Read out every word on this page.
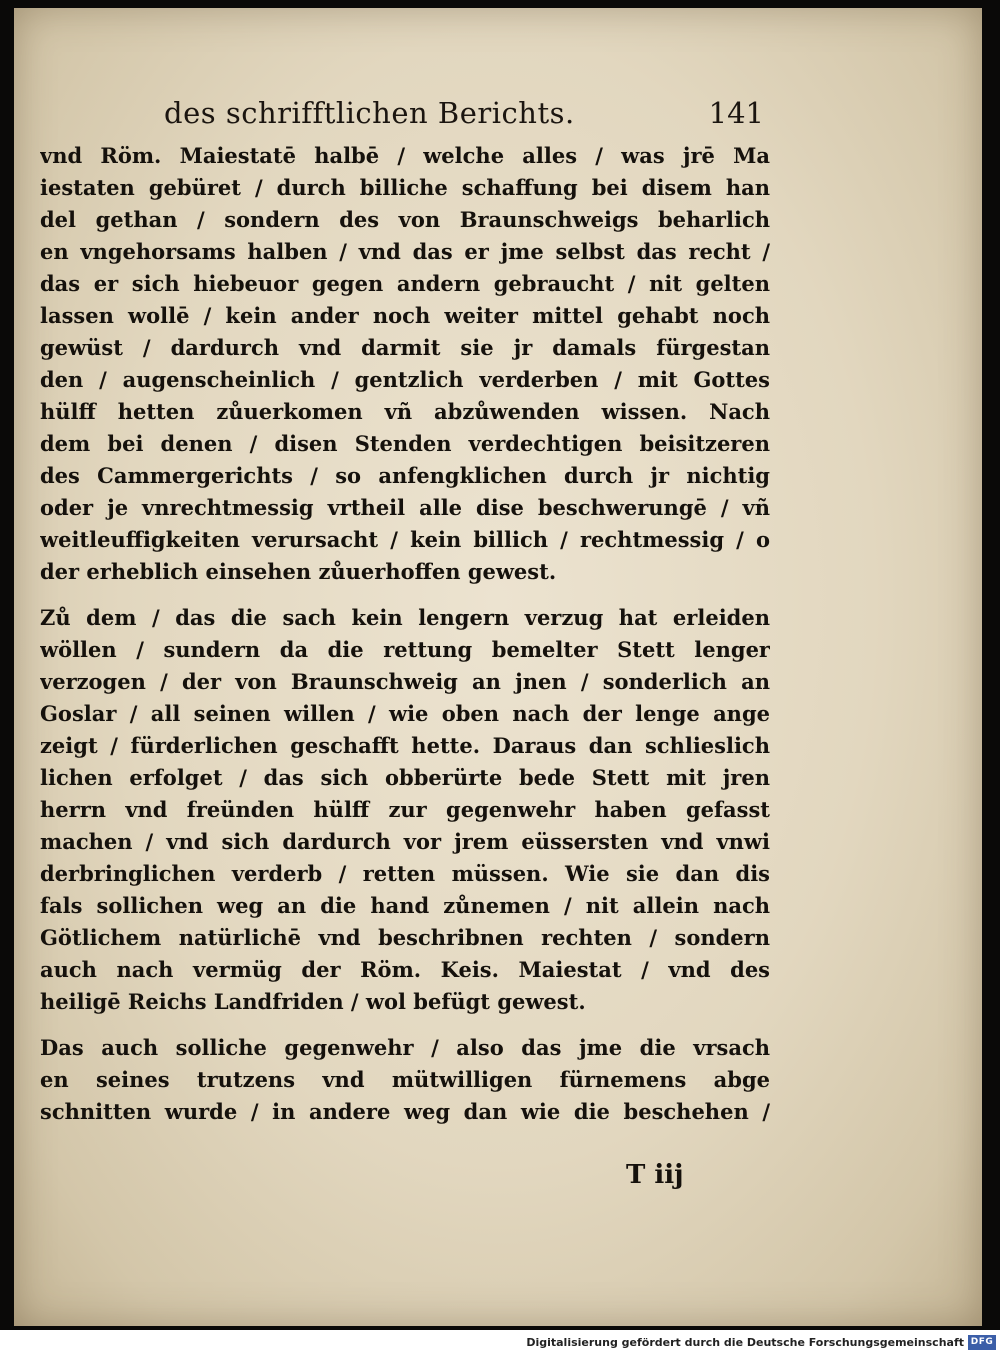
des schrifftlichen Berichts.	141
vnd Röm. Maiestatē halbē / welche alles / was jrē Ma
iestaten gebüret / durch billiche schaffung bei disem han
del gethan / sondern des von Braunschweigs beharlich
en vngehorsams halben / vnd das er jme selbst das recht /
das er sich hiebeuor gegen andern gebraucht / nit gelten
lassen wollē / kein ander noch weiter mittel gehabt noch
gewüst / dardurch vnd darmit sie jr damals fürgestan
den / augenscheinlich / gentzlich verderben / mit Gottes
hülff hetten zůuerkomen vñ abzůwenden wissen. Nach
dem bei denen / disen Stenden verdechtigen beisitzeren
des Cammergerichts / so anfengklichen durch jr nichtig
oder je vnrechtmessig vrtheil alle dise beschwerungē / vñ
weitleuffigkeiten verursacht / kein billich / rechtmessig / o
der erheblich einsehen zůuerhoffen gewest.
Zů dem / das die sach kein lengern verzug hat erleiden
wöllen / sundern da die rettung bemelter Stett lenger
verzogen / der von Braunschweig an jnen / sonderlich an
Goslar / all seinen willen / wie oben nach der lenge ange
zeigt / fürderlichen geschafft hette. Daraus dan schlieslich
lichen erfolget / das sich obberürte bede Stett mit jren
herrn vnd freünden hülff zur gegenwehr haben gefasst
machen / vnd sich dardurch vor jrem eüssersten vnd vnwi
derbringlichen verderb / retten müssen. Wie sie dan dis
fals sollichen weg an die hand zůnemen / nit allein nach
Götlichem natürlichē vnd beschribnen rechten / sondern
auch nach vermüg der Röm. Keis. Maiestat / vnd des
heiligē Reichs Landfriden / wol befügt gewest.
Das auch solliche gegenwehr / also das jme die vrsach
en seines trutzens vnd mütwilligen fürnemens abge
schnitten wurde / in andere weg dan wie die beschehen /
T iij
Digitalisierung gefördert durch die Deutsche Forschungsgemeinschaft DFG
